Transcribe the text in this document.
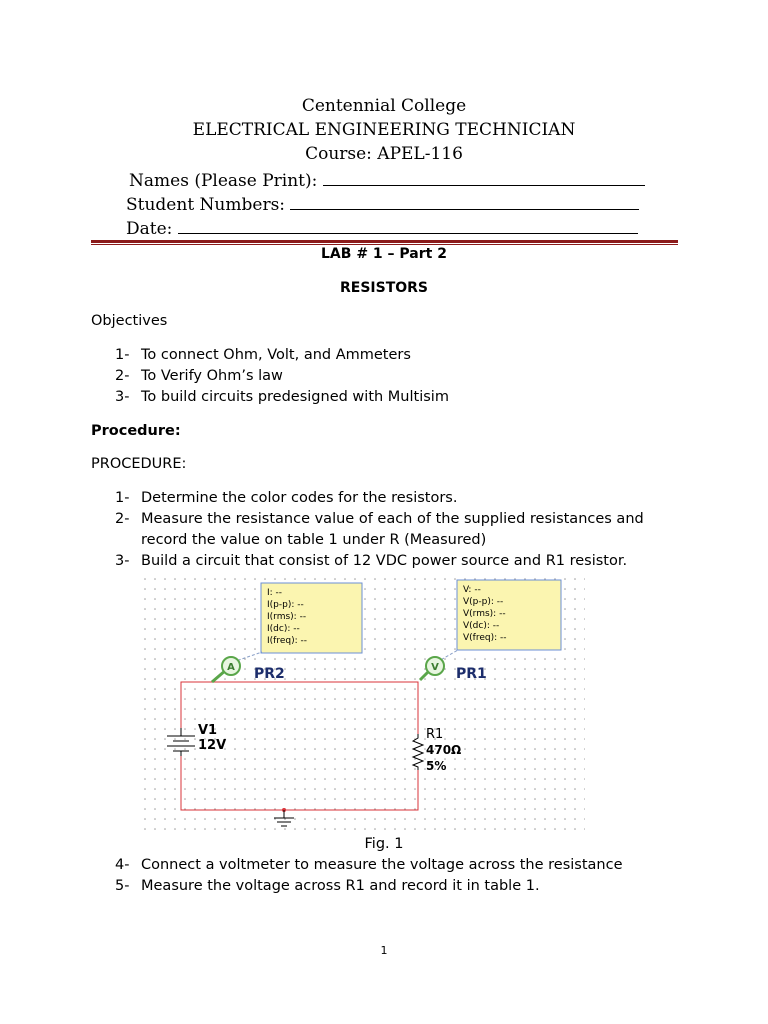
Centennial College
ELECTRICAL ENGINEERING TECHNICIAN
Course: APEL-116
Names (Please Print):
Student Numbers:
Date:
LAB # 1 – Part 2
RESISTORS
Objectives
1- To connect Ohm, Volt, and Ammeters
2- To Verify Ohm’s law
3- To build circuits predesigned with Multisim
Procedure:
PROCEDURE:
1- Determine the color codes for the resistors.
2- Measure the resistance value of each of the supplied resistances and
record the value on table 1 under R (Measured)
3- Build a circuit that consist of 12 VDC power source and R1 resistor.
I: --
I(p-p): --
I(rms): --
I(dc): --
I(freq): --
V: --
V(p-p): --
V(rms): --
V(dc): --
V(freq): --
A PR2	V PR1
V1
12V
R1
470Ω
5%
Fig. 1
4- Connect a voltmeter to measure the voltage across the resistance
5- Measure the voltage across R1 and record it in table 1.
1
